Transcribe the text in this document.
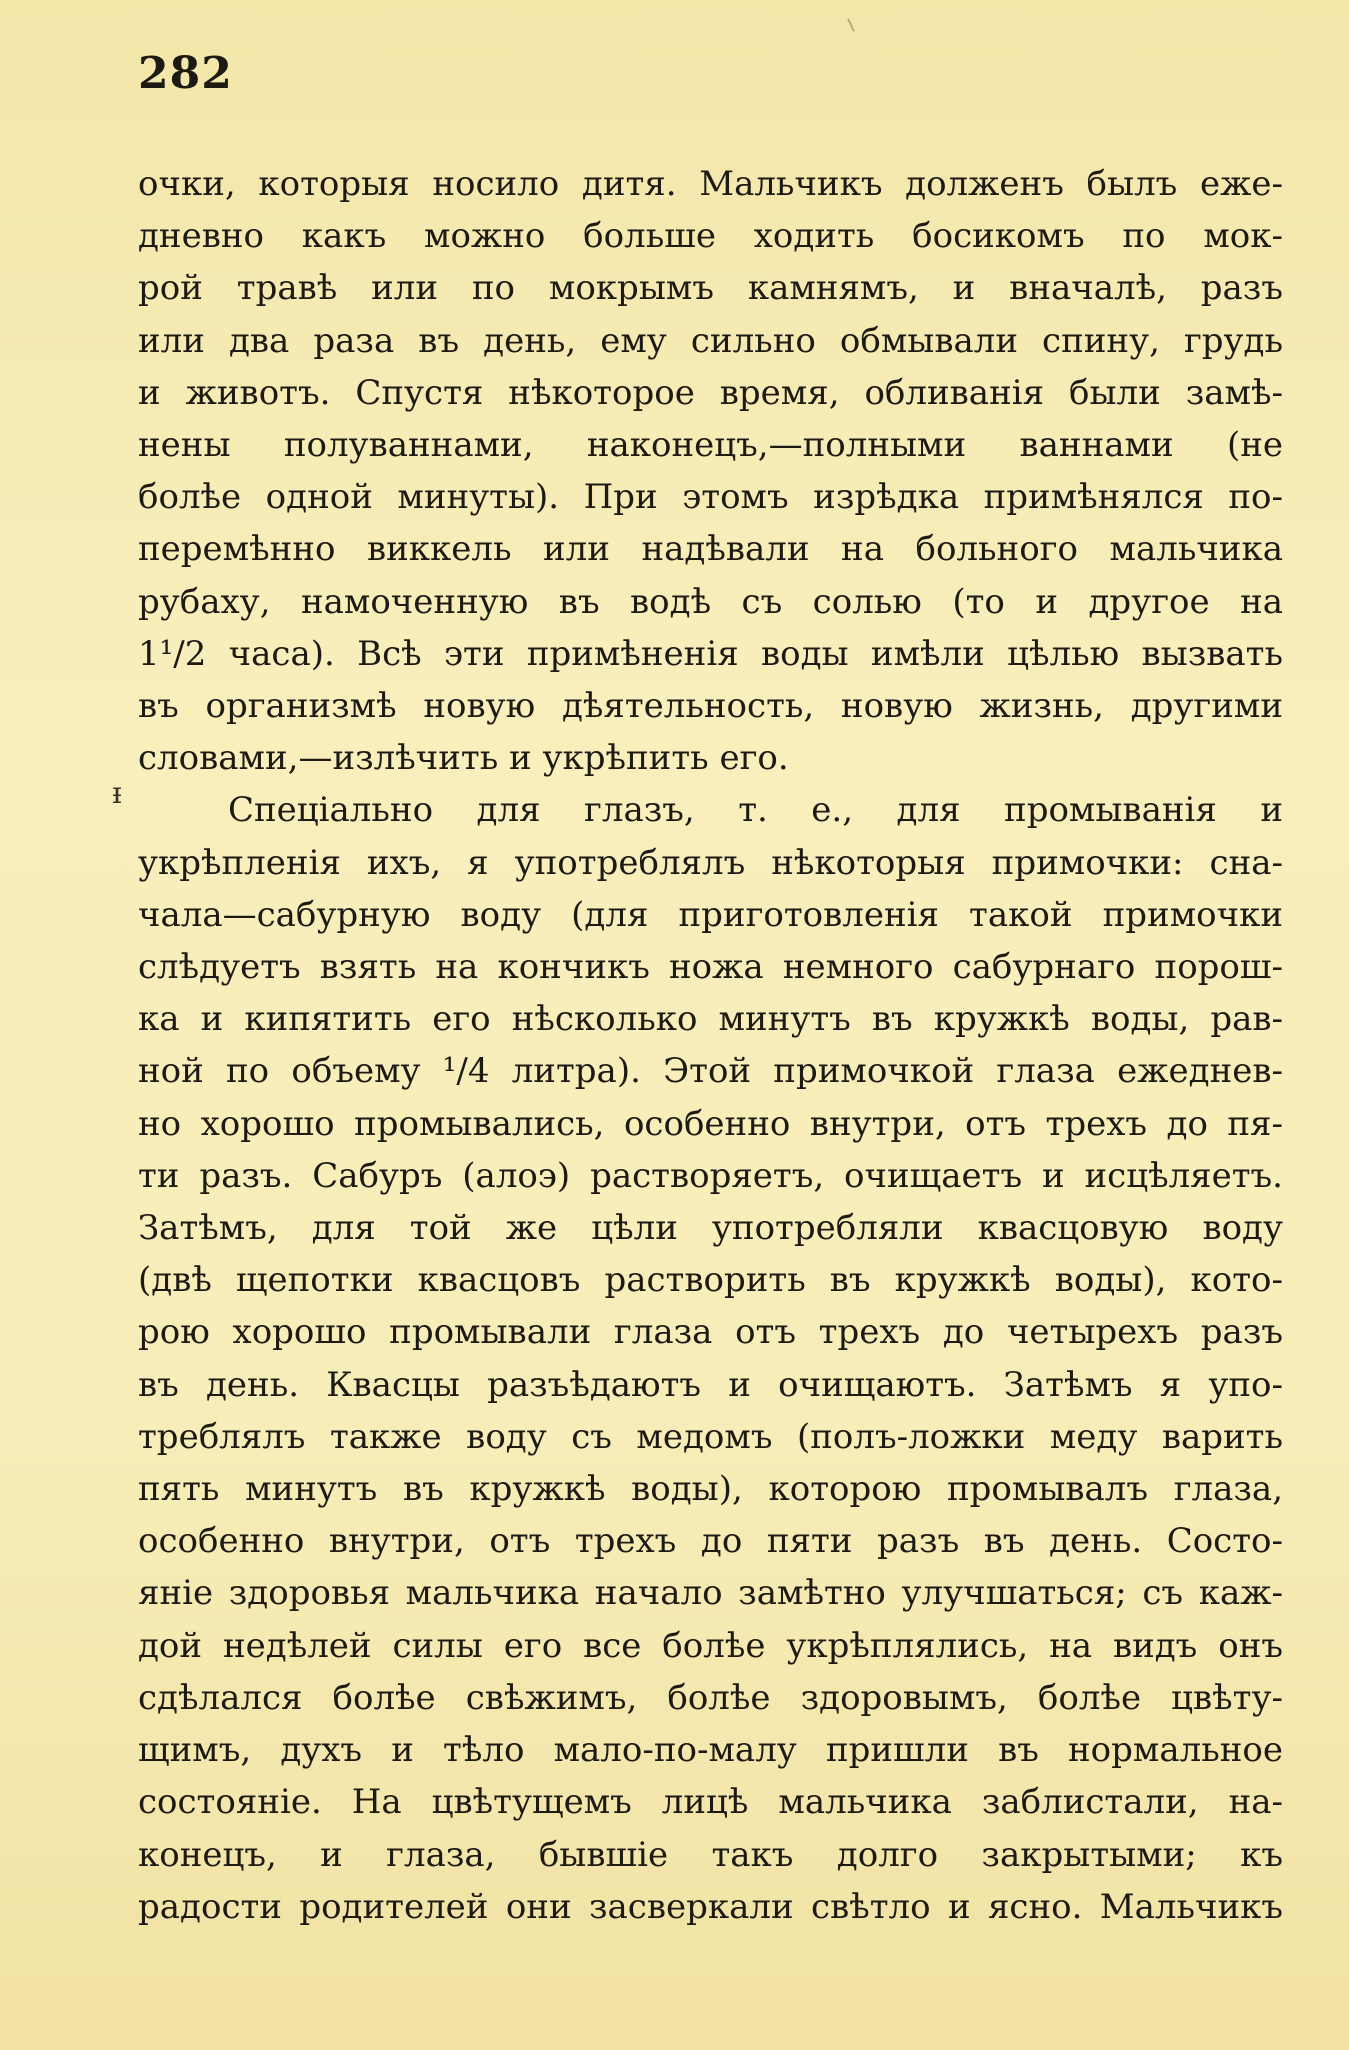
282
ᵻ
очки, которыя носило дитя. Мальчикъ долженъ былъ еже-
дневно какъ можно больше ходить босикомъ по мок-
рой травѣ или по мокрымъ камнямъ, и вначалѣ, разъ
или два раза въ день, ему сильно обмывали спину, грудь
и животъ. Спустя нѣкоторое время, обливанія были замѣ-
нены полуваннами, наконецъ,—полными ваннами (не
болѣе одной минуты). При этомъ изрѣдка примѣнялся по-
перемѣнно виккель или надѣвали на больного мальчика
рубаху, намоченную въ водѣ съ солью (то и другое на
1¹/2 часа). Всѣ эти примѣненія воды имѣли цѣлью вызвать
въ организмѣ новую дѣятельность, новую жизнь, другими
словами,—излѣчить и укрѣпить его.
Спеціально для глазъ, т. е., для промыванія и
укрѣпленія ихъ, я употреблялъ нѣкоторыя примочки: сна-
чала—сабурную воду (для приготовленія такой примочки
слѣдуетъ взять на кончикъ ножа немного сабурнаго порош-
ка и кипятить его нѣсколько минутъ въ кружкѣ воды, рав-
ной по объему ¹/4 литра). Этой примочкой глаза ежеднев-
но хорошо промывались, особенно внутри, отъ трехъ до пя-
ти разъ. Сабуръ (алоэ) растворяетъ, очищаетъ и исцѣляетъ.
Затѣмъ, для той же цѣли употребляли квасцовую воду
(двѣ щепотки квасцовъ растворить въ кружкѣ воды), кото-
рою хорошо промывали глаза отъ трехъ до четырехъ разъ
въ день. Квасцы разъѣдаютъ и очищаютъ. Затѣмъ я упо-
треблялъ также воду съ медомъ (полъ-ложки меду варить
пять минутъ въ кружкѣ воды), которою промывалъ глаза,
особенно внутри, отъ трехъ до пяти разъ въ день. Состо-
яніе здоровья мальчика начало замѣтно улучшаться; съ каж-
дой недѣлей силы его все болѣе укрѣплялись, на видъ онъ
сдѣлался болѣе свѣжимъ, болѣе здоровымъ, болѣе цвѣту-
щимъ, духъ и тѣло мало-по-малу пришли въ нормальное
состояніе. На цвѣтущемъ лицѣ мальчика заблистали, на-
конецъ, и глаза, бывшіе такъ долго закрытыми; къ
радости родителей они засверкали свѣтло и ясно. Мальчикъ
